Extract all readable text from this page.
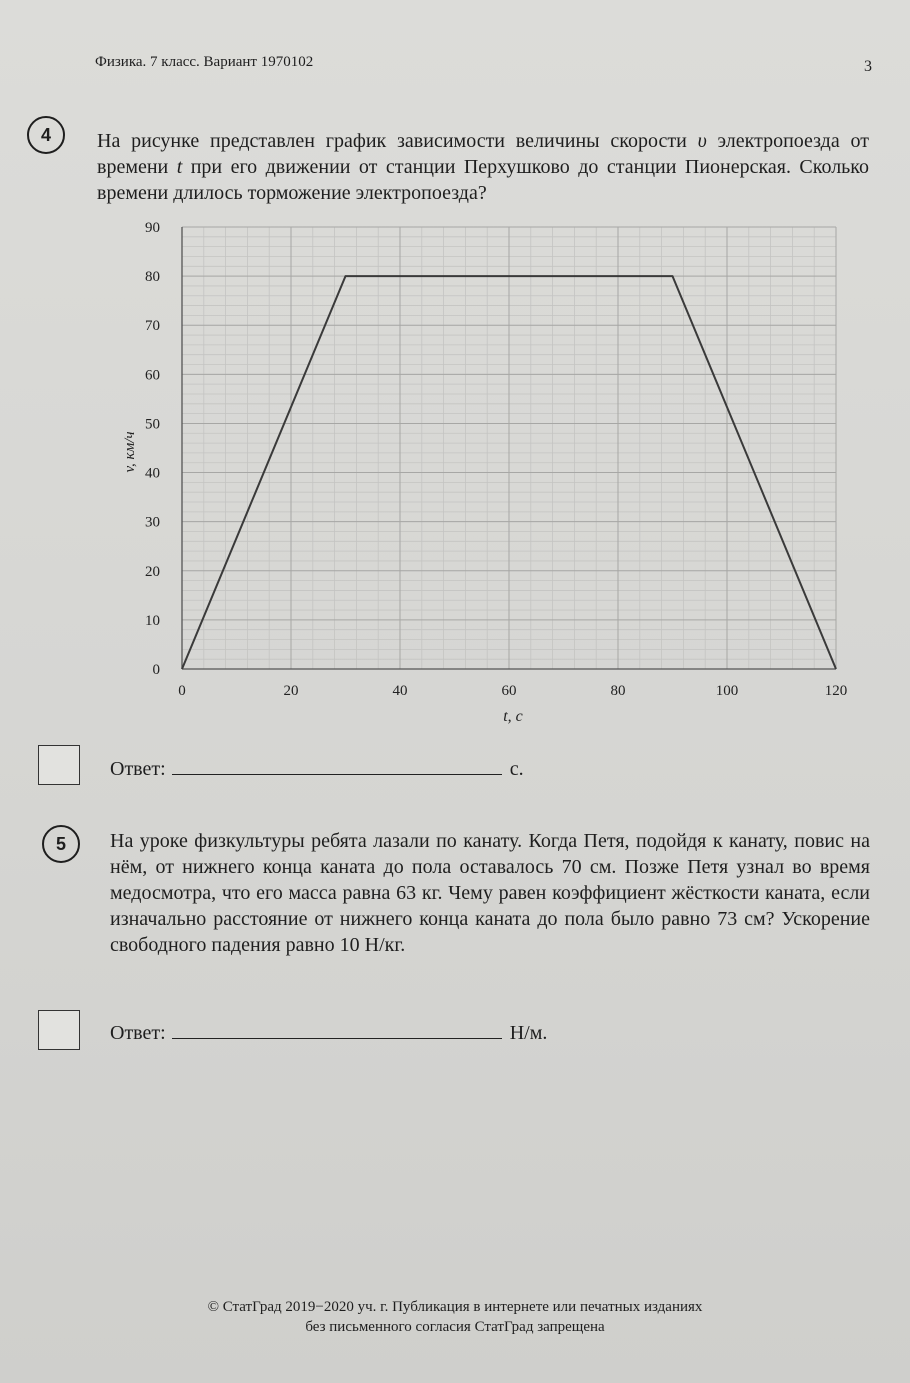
Физика. 7 класс. Вариант 1970102	3
4	На рисунке представлен график зависимости величины скорости υ электропоезда от времени t при его движении от станции Перхушково до станции Пионерская. Сколько времени длилось торможение электропоезда?
0	20	40	60	80	100	120
0
10
20
30
40
50
60
70
80
90
t, c
v, км/ч
Ответ:	с.
5	На уроке физкультуры ребята лазали по канату. Когда Петя, подойдя к канату, повис на нём, от нижнего конца каната до пола оставалось 70 см. Позже Петя узнал во время медосмотра, что его масса равна 63 кг. Чему равен коэффициент жёсткости каната, если изначально расстояние от нижнего конца каната до пола было равно 73 см? Ускорение свободного падения равно 10 Н/кг.
Ответ:	Н/м.
© СтатГрад 2019−2020 уч. г. Публикация в интернете или печатных изданиях
без письменного согласия СтатГрад запрещена
